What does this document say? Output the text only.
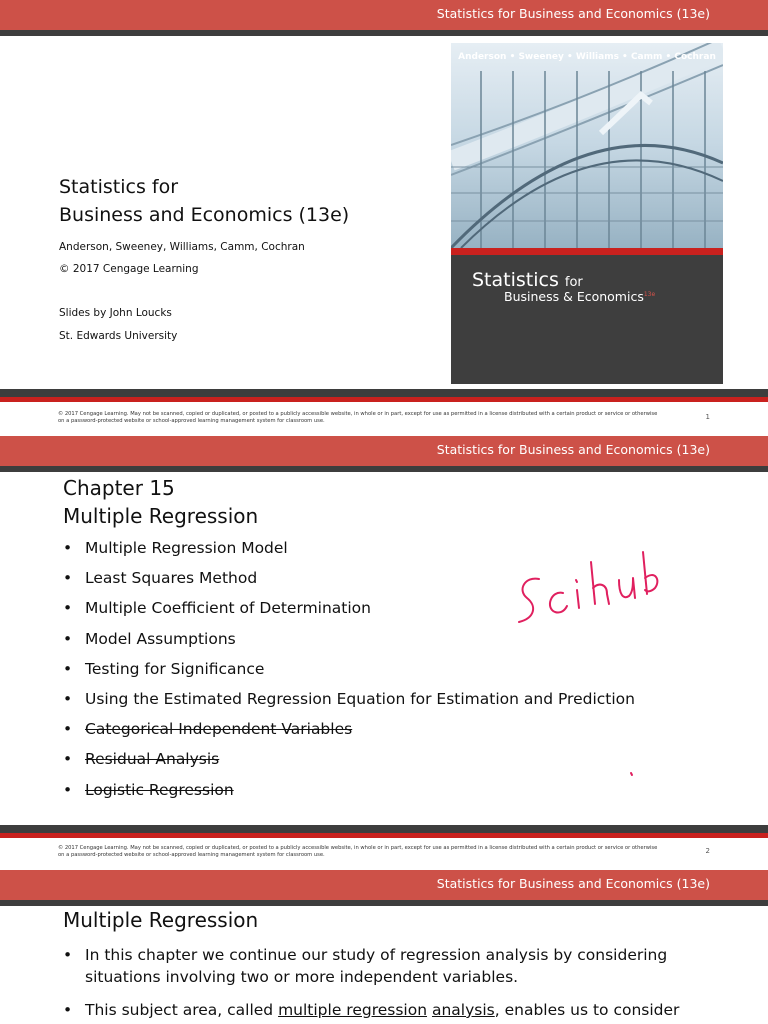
Statistics for Business and Economics (13e)
Statistics for
Business and Economics (13e)
Anderson, Sweeney, Williams, Camm, Cochran
© 2017 Cengage Learning
Slides by John Loucks
St. Edwards University
Anderson • Sweeney • Williams • Camm • Cochran
Statistics for
Business & Economics$^{13e}$
© 2017 Cengage Learning. May not be scanned, copied or duplicated, or posted to a publicly accessible website, in whole or in part, except for use as permitted in a license distributed with a certain product or service or otherwise on a password-protected website or school-approved learning management system for classroom use.	1
Statistics for Business and Economics (13e)
Chapter 15
Multiple Regression
• Multiple Regression Model
• Least Squares Method
• Multiple Coefficient of Determination
• Model Assumptions
• Testing for Significance
• Using the Estimated Regression Equation for Estimation and Prediction
• Categorical Independent Variables
• Residual Analysis
• Logistic Regression
© 2017 Cengage Learning. May not be scanned, copied or duplicated, or posted to a publicly accessible website, in whole or in part, except for use as permitted in a license distributed with a certain product or service or otherwise on a password-protected website or school-approved learning management system for classroom use.	2
Statistics for Business and Economics (13e)
Multiple Regression
• In this chapter we continue our study of regression analysis by considering situations involving two or more independent variables.
• This subject area, called multiple regression analysis, enables us to consider
